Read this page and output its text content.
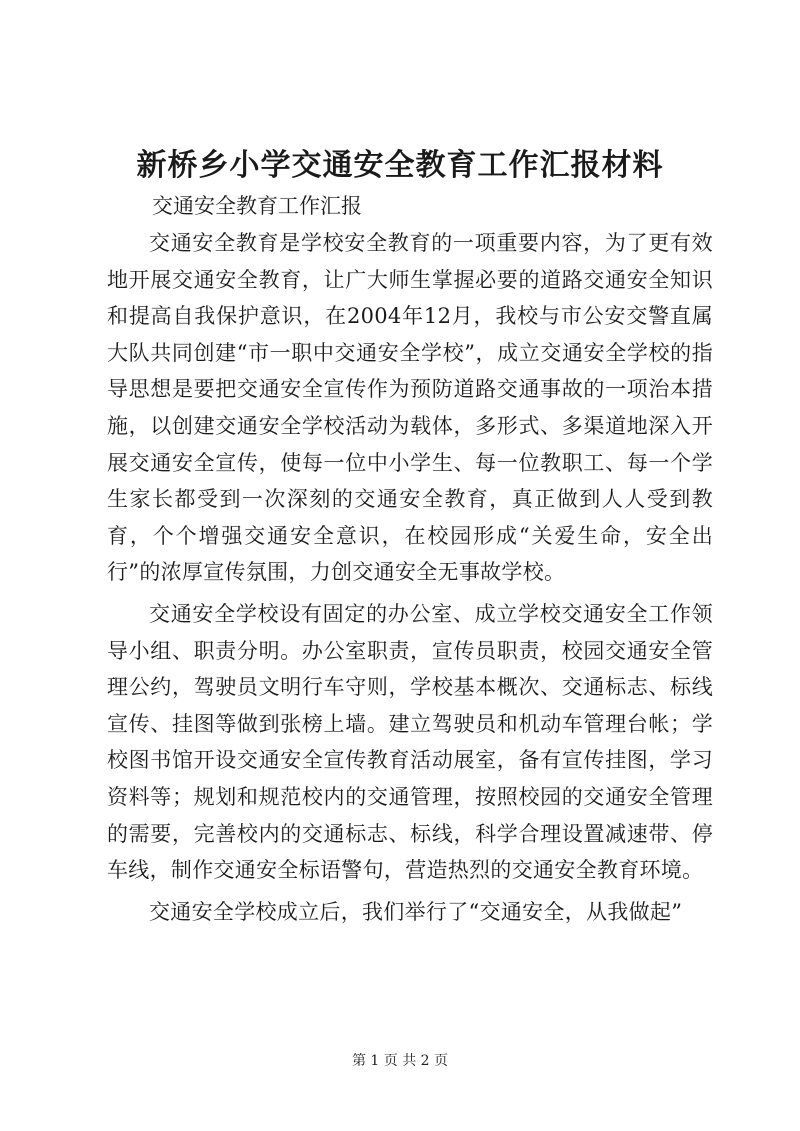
新桥乡小学交通安全教育工作汇报材料

交通安全教育工作汇报

交通安全教育是学校安全教育的一项重要内容，为了更有效地开展交通安全教育，让广大师生掌握必要的道路交通安全知识和提高自我保护意识，在2004年12月，我校与市公安交警直属大队共同创建“市一职中交通安全学校”，成立交通安全学校的指导思想是要把交通安全宣传作为预防道路交通事故的一项治本措施，以创建交通安全学校活动为载体，多形式、多渠道地深入开展交通安全宣传，使每一位中小学生、每一位教职工、每一个学生家长都受到一次深刻的交通安全教育，真正做到人人受到教育，个个增强交通安全意识，在校园形成“关爱生命，安全出行”的浓厚宣传氛围，力创交通安全无事故学校。

交通安全学校设有固定的办公室、成立学校交通安全工作领导小组、职责分明。办公室职责，宣传员职责，校园交通安全管理公约，驾驶员文明行车守则，学校基本概次、交通标志、标线宣传、挂图等做到张榜上墙。建立驾驶员和机动车管理台帐；学校图书馆开设交通安全宣传教育活动展室，备有宣传挂图，学习资料等；规划和规范校内的交通管理，按照校园的交通安全管理的需要，完善校内的交通标志、标线，科学合理设置减速带、停车线，制作交通安全标语警句，营造热烈的交通安全教育环境。

交通安全学校成立后，我们举行了“交通安全，从我做起”

第 1 页 共 2 页
